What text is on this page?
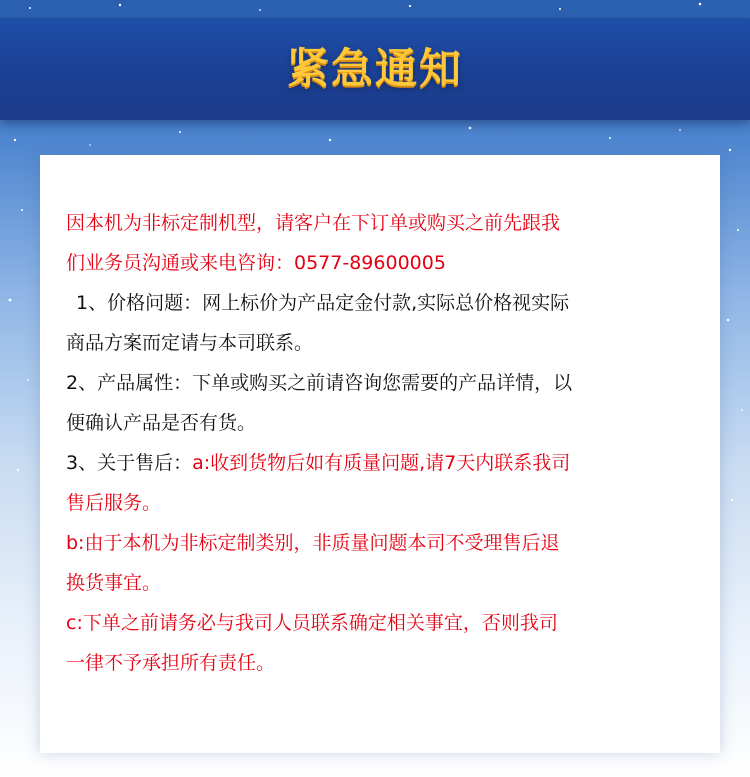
紧急通知

因本机为非标定制机型，请客户在下订单或购买之前先跟我
们业务员沟通或来电咨询：0577-89600005

1、价格问题：网上标价为产品定金付款,实际总价格视实际

商品方案而定请与本司联系。

2、产品属性：下单或购买之前请咨询您需要的产品详情，以
便确认产品是否有货。

3、关于售后：a:收到货物后如有质量问题,请7天内联系我司
售后服务。

b:由于本机为非标定制类别，非质量问题本司不受理售后退
换货事宜。

c:下单之前请务必与我司人员联系确定相关事宜，否则我司
一律不予承担所有责任。
